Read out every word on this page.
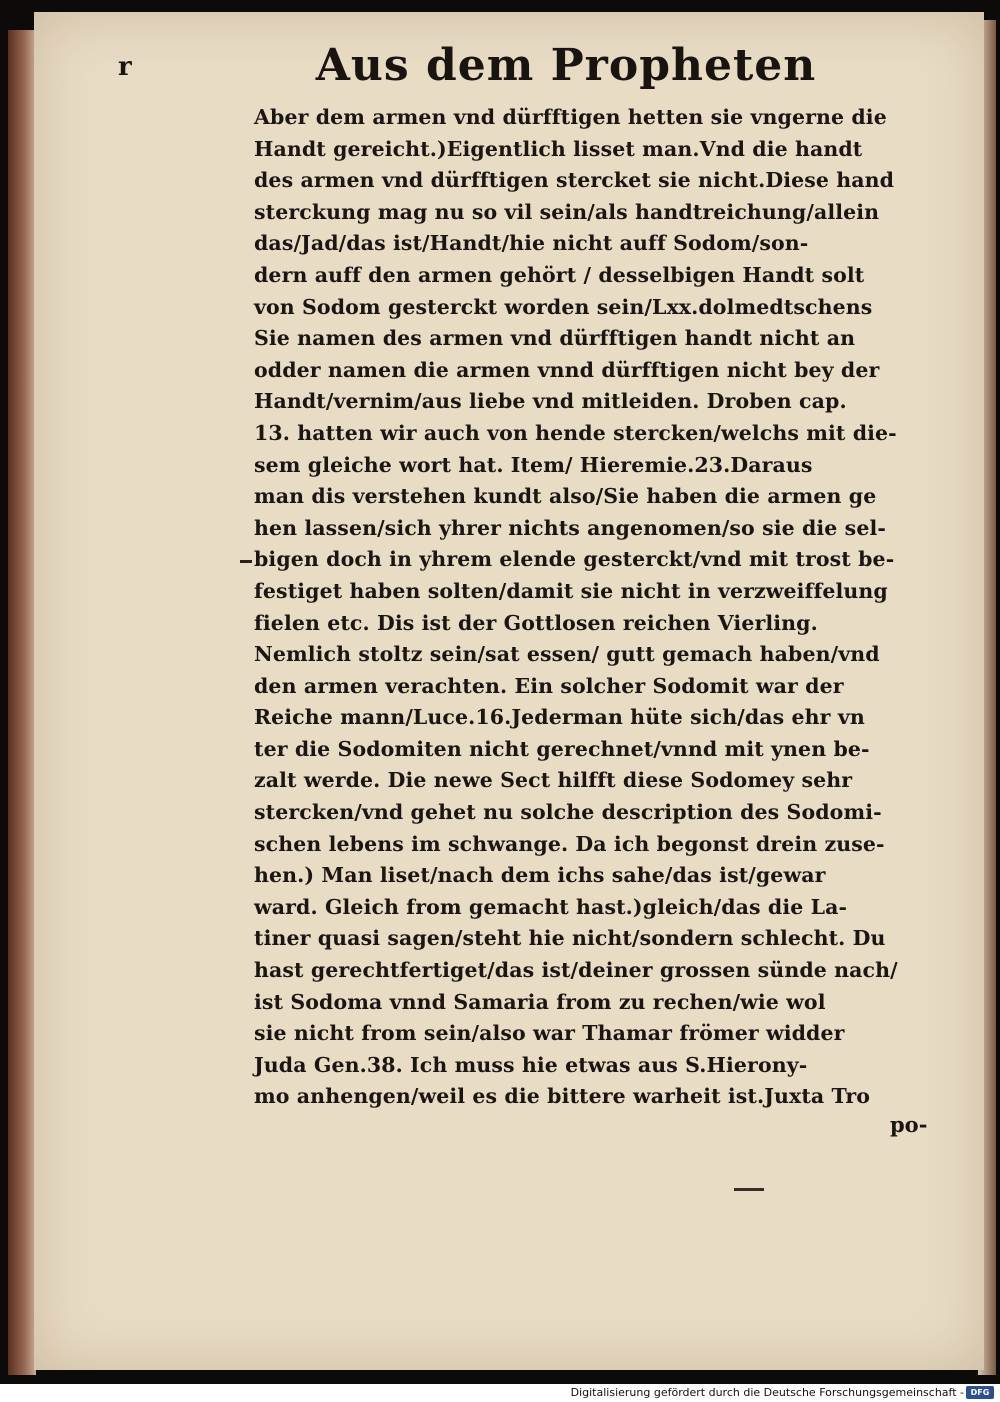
r	Aus dem Propheten
Aber dem armen vnd dürfftigen hetten sie vngerne die
Handt gereicht.)Eigentlich lisset man.Vnd die handt
des armen vnd dürfftigen stercket sie nicht.Diese hand
sterckung mag nu so vil sein/als handtreichung/allein
das/Jad/das ist/Handt/hie nicht auff Sodom/son-
dern auff den armen gehört / desselbigen Handt solt
von Sodom gesterckt worden sein/Lxx.dolmedtschens
Sie namen des armen vnd dürfftigen handt nicht an
odder namen die armen vnnd dürfftigen nicht bey der
Handt/vernim/aus liebe vnd mitleiden. Droben cap.
13. hatten wir auch von hende stercken/welchs mit die-
sem gleiche wort hat. Item/ Hieremie.23.Daraus
man dis verstehen kundt also/Sie haben die armen ge
hen lassen/sich yhrer nichts angenomen/so sie die sel-
bigen doch in yhrem elende gesterckt/vnd mit trost be-
festiget haben solten/damit sie nicht in verzweiffelung
fielen etc. Dis ist der Gottlosen reichen Vierling.
Nemlich stoltz sein/sat essen/ gutt gemach haben/vnd
den armen verachten. Ein solcher Sodomit war der
Reiche mann/Luce.16.Jederman hüte sich/das ehr vn
ter die Sodomiten nicht gerechnet/vnnd mit ynen be-
zalt werde. Die newe Sect hilfft diese Sodomey sehr
stercken/vnd gehet nu solche description des Sodomi-
schen lebens im schwange. Da ich begonst drein zuse-
hen.) Man liset/nach dem ichs sahe/das ist/gewar
ward. Gleich from gemacht hast.)gleich/das die La-
tiner quasi sagen/steht hie nicht/sondern schlecht. Du
hast gerechtfertiget/das ist/deiner grossen sünde nach/
ist Sodoma vnnd Samaria from zu rechen/wie wol
sie nicht from sein/also war Thamar frömer widder
Juda Gen.38. Ich muss hie etwas aus S.Hierony-
mo anhengen/weil es die bittere warheit ist.Juxta Tro
po-
Digitalisierung gefördert durch die Deutsche Forschungsgemeinschaft - DFG
